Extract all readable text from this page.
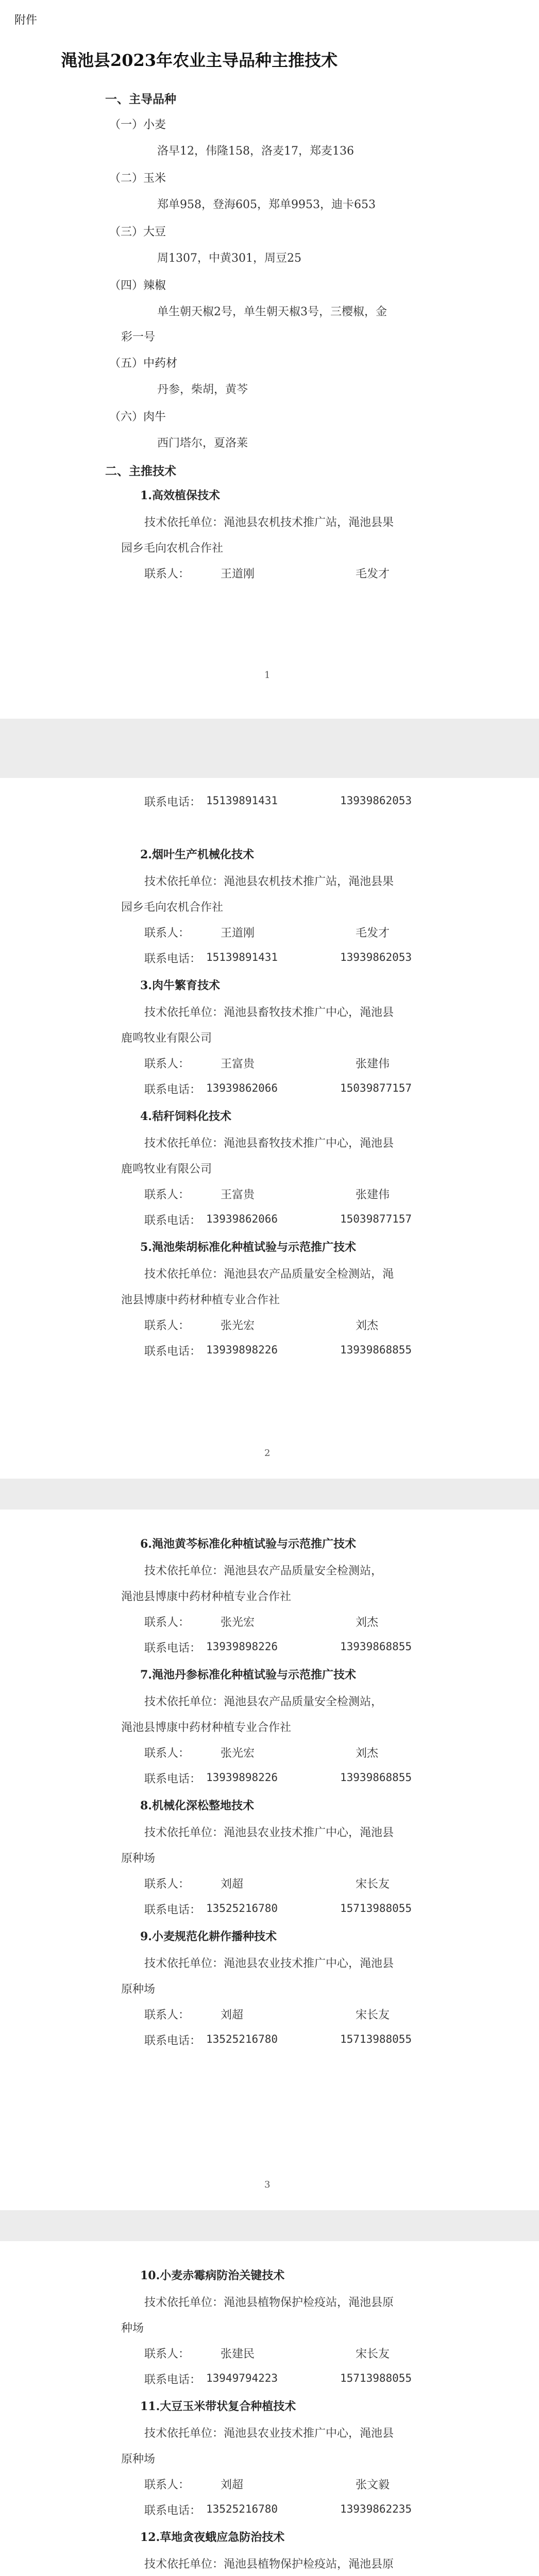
附件
渑池县2023年农业主导品种主推技术
一、主导品种
（一）小麦
洛早12，伟隆158，洛麦17，郑麦136
（二）玉米
郑单958，登海605，郑单9953，迪卡653
（三）大豆
周1307，中黄301，周豆25
（四）辣椒
单生朝天椒2号，单生朝天椒3号，三樱椒，金
彩一号
（五）中药材
丹参，柴胡，黄芩
（六）肉牛
西门塔尔，夏洛莱
二、主推技术
1.高效植保技术
技术依托单位：渑池县农机技术推广站，渑池县果
园乡毛向农机合作社
联系人：	王道刚	毛发才
1
联系电话： 15139891431	13939862053
2.烟叶生产机械化技术
技术依托单位：渑池县农机技术推广站，渑池县果
园乡毛向农机合作社
联系人：	王道刚	毛发才
联系电话： 15139891431	13939862053
3.肉牛繁育技术
技术依托单位：渑池县畜牧技术推广中心，渑池县
鹿鸣牧业有限公司
联系人：	王富贵	张建伟
联系电话： 13939862066	15039877157
4.秸秆饲料化技术
技术依托单位：渑池县畜牧技术推广中心，渑池县
鹿鸣牧业有限公司
联系人：	王富贵	张建伟
联系电话： 13939862066	15039877157
5.渑池柴胡标准化种植试验与示范推广技术
技术依托单位：渑池县农产品质量安全检测站，渑
池县博康中药材种植专业合作社
联系人：	张光宏	刘杰
联系电话： 13939898226	13939868855
2
6.渑池黄芩标准化种植试验与示范推广技术
技术依托单位：渑池县农产品质量安全检测站，
渑池县博康中药材种植专业合作社
联系人：	张光宏	刘杰
联系电话： 13939898226	13939868855
7.渑池丹参标准化种植试验与示范推广技术
技术依托单位：渑池县农产品质量安全检测站，
渑池县博康中药材种植专业合作社
联系人：	张光宏	刘杰
联系电话： 13939898226	13939868855
8.机械化深松整地技术
技术依托单位：渑池县农业技术推广中心，渑池县
原种场
联系人：	刘超	宋长友
联系电话： 13525216780	15713988055
9.小麦规范化耕作播种技术
技术依托单位：渑池县农业技术推广中心，渑池县
原种场
联系人：	刘超	宋长友
联系电话： 13525216780	15713988055
3
10.小麦赤霉病防治关键技术
技术依托单位：渑池县植物保护检疫站，渑池县原
种场
联系人：	张建民	宋长友
联系电话： 13949794223	15713988055
11.大豆玉米带状复合种植技术
技术依托单位：渑池县农业技术推广中心，渑池县
原种场
联系人：	刘超	张文毅
联系电话： 13525216780	13939862235
12.草地贪夜蛾应急防治技术
技术依托单位：渑池县植物保护检疫站，渑池县原
